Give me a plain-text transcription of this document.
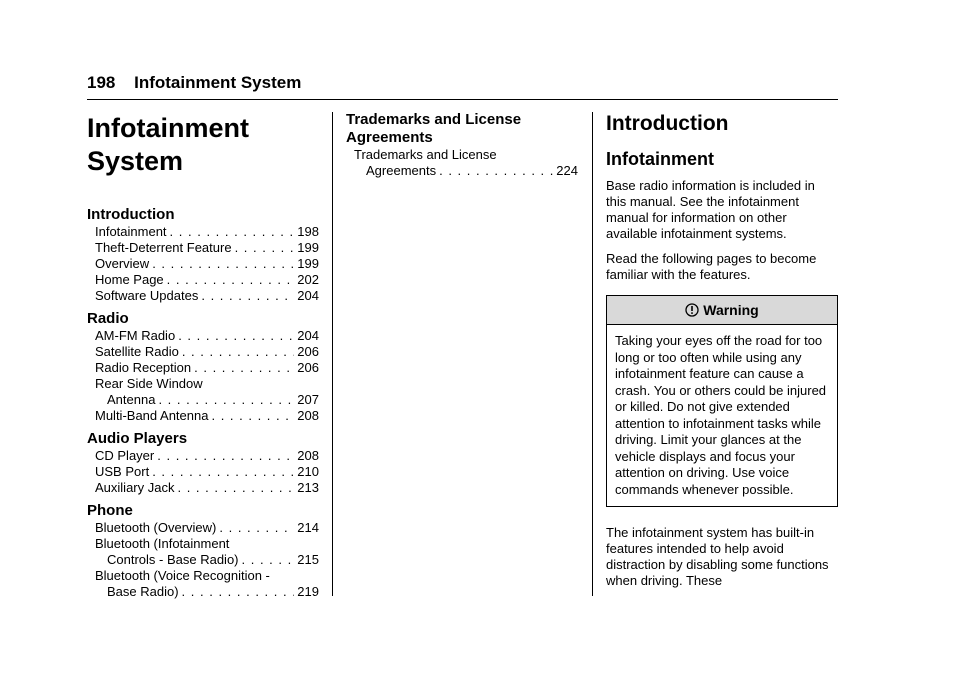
198 Infotainment System
Infotainment
System
Introduction
Infotainment . . .	198
Theft-Deterrent Feature . . .	199
Overview . . .	199
Home Page . . .	202
Software Updates . . .	204
Radio
AM-FM Radio . . .	204
Satellite Radio . . .	206
Radio Reception . . .	206
Rear Side Window
Antenna . . .	207
Multi-Band Antenna . . .	208
Audio Players
CD Player . . .	208
USB Port . . .	210
Auxiliary Jack . . .	213
Phone
Bluetooth (Overview) . . .	214
Bluetooth (Infotainment
Controls - Base Radio) . . .	215
Bluetooth (Voice Recognition -
Base Radio) . . .	219
Trademarks and License
Agreements
Trademarks and License
Agreements . . .	224
Introduction
Infotainment

Base radio information is included in this manual. See the infotainment manual for information on other available infotainment systems.

Read the following pages to become familiar with the features.

Warning
Taking your eyes off the road for too long or too often while using any infotainment feature can cause a crash. You or others could be injured or killed. Do not give extended attention to infotainment tasks while driving. Limit your glances at the vehicle displays and focus your attention on driving. Use voice commands whenever possible.

The infotainment system has built-in features intended to help avoid distraction by disabling some functions when driving. These
